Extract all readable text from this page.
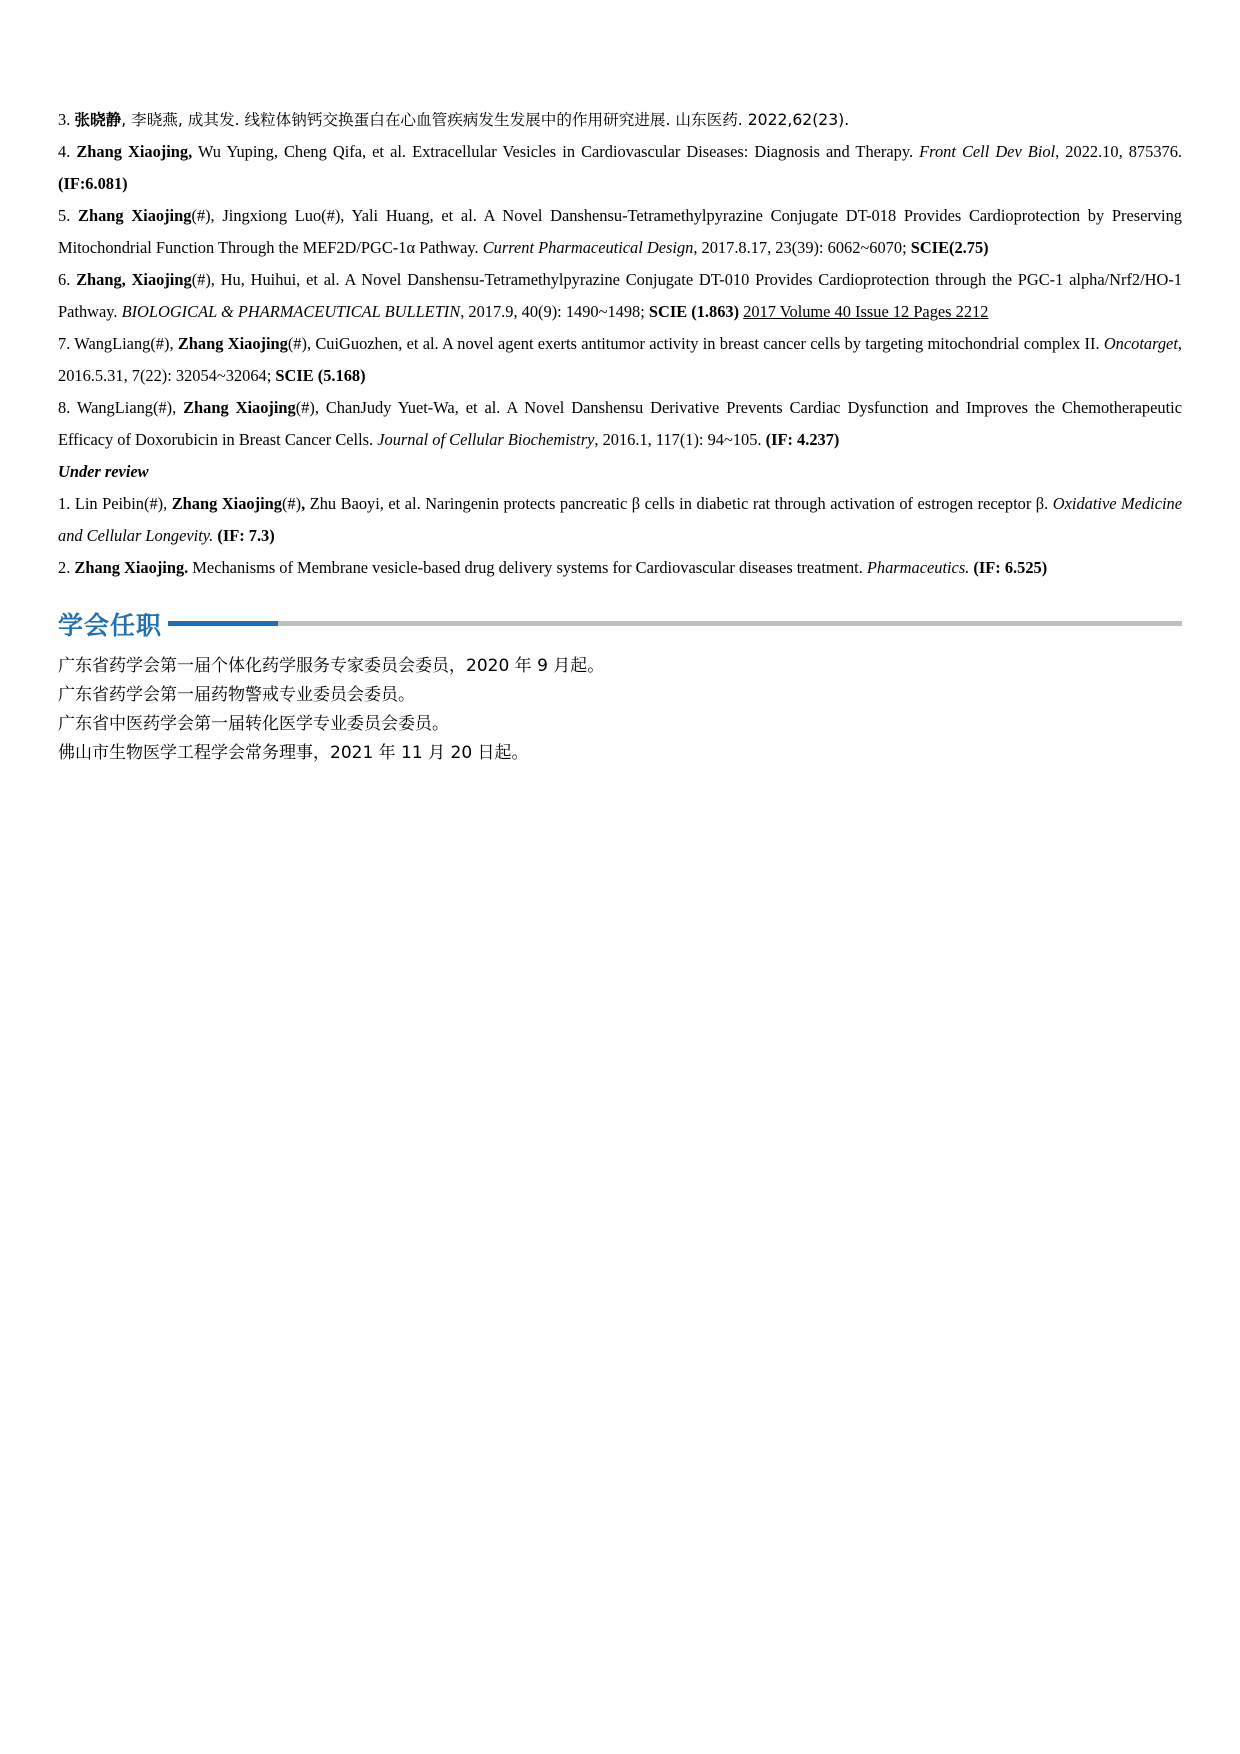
3. 张晓静, 李晓燕, 成其发. 线粒体钠钙交换蛋白在心血管疾病发生发展中的作用研究进展. 山东医药. 2022,62(23).

4. Zhang Xiaojing, Wu Yuping, Cheng Qifa, et al. Extracellular Vesicles in Cardiovascular Diseases: Diagnosis and Therapy. Front Cell Dev Biol, 2022.10, 875376. (IF:6.081)

5. Zhang Xiaojing(#), Jingxiong Luo(#), Yali Huang, et al. A Novel Danshensu-Tetramethylpyrazine Conjugate DT-018 Provides Cardioprotection by Preserving Mitochondrial Function Through the MEF2D/PGC-1α Pathway. Current Pharmaceutical Design, 2017.8.17, 23(39): 6062~6070; SCIE(2.75)

6. Zhang, Xiaojing(#), Hu, Huihui, et al. A Novel Danshensu-Tetramethylpyrazine Conjugate DT-010 Provides Cardioprotection through the PGC-1 alpha/Nrf2/HO-1 Pathway. BIOLOGICAL & PHARMACEUTICAL BULLETIN, 2017.9, 40(9): 1490~1498; SCIE (1.863) 2017 Volume 40 Issue 12 Pages 2212

7. WangLiang(#), Zhang Xiaojing(#), CuiGuozhen, et al. A novel agent exerts antitumor activity in breast cancer cells by targeting mitochondrial complex II. Oncotarget, 2016.5.31, 7(22): 32054~32064; SCIE (5.168)

8. WangLiang(#), Zhang Xiaojing(#), ChanJudy Yuet-Wa, et al. A Novel Danshensu Derivative Prevents Cardiac Dysfunction and Improves the Chemotherapeutic Efficacy of Doxorubicin in Breast Cancer Cells. Journal of Cellular Biochemistry, 2016.1, 117(1): 94~105. (IF: 4.237)

Under review

1. Lin Peibin(#), Zhang Xiaojing(#), Zhu Baoyi, et al. Naringenin protects pancreatic β cells in diabetic rat through activation of estrogen receptor β. Oxidative Medicine and Cellular Longevity. (IF: 7.3)

2. Zhang Xiaojing. Mechanisms of Membrane vesicle-based drug delivery systems for Cardiovascular diseases treatment. Pharmaceutics. (IF: 6.525)

学会任职
广东省药学会第一届个体化药学服务专家委员会委员，2020 年 9 月起。
广东省药学会第一届药物警戒专业委员会委员。
广东省中医药学会第一届转化医学专业委员会委员。
佛山市生物医学工程学会常务理事，2021 年 11 月 20 日起。
